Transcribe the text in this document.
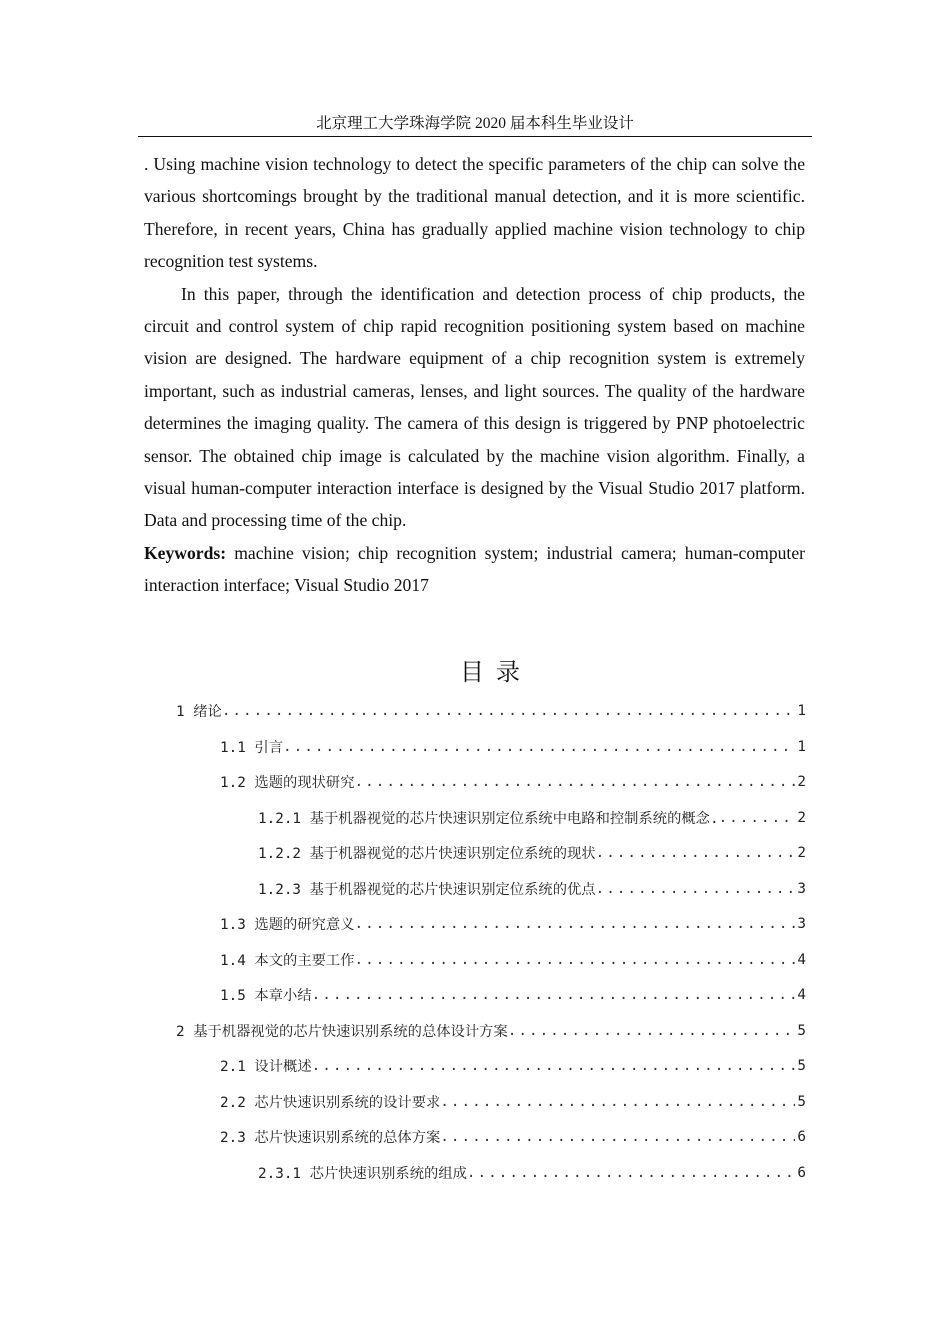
北京理工大学珠海学院 2020 届本科生毕业设计

. Using machine vision technology to detect the specific parameters of the chip can solve the various shortcomings brought by the traditional manual detection, and it is more scientific. Therefore, in recent years, China has gradually applied machine vision technology to chip recognition test systems.

In this paper, through the identification and detection process of chip products, the circuit and control system of chip rapid recognition positioning system based on machine vision are designed. The hardware equipment of a chip recognition system is extremely important, such as industrial cameras, lenses, and light sources. The quality of the hardware determines the imaging quality. The camera of this design is triggered by PNP photoelectric sensor. The obtained chip image is calculated by the machine vision algorithm. Finally, a visual human-computer interaction interface is designed by the Visual Studio 2017 platform. Data and processing time of the chip.

Keywords: machine vision; chip recognition system; industrial camera; human-computer interaction interface; Visual Studio 2017

目录
1 绪论 .....	1
1.1 引言 .....	1
1.2 选题的现状研究 .....	2
1.2.1 基于机器视觉的芯片快速识别定位系统中电路和控制系统的概念. .....	2
1.2.2 基于机器视觉的芯片快速识别定位系统的现状 .....	2
1.2.3 基于机器视觉的芯片快速识别定位系统的优点 .....	3
1.3 选题的研究意义 .....	3
1.4 本文的主要工作 .....	4
1.5 本章小结 .....	4
2 基于机器视觉的芯片快速识别系统的总体设计方案 .....	5
2.1 设计概述 .....	5
2.2 芯片快速识别系统的设计要求 .....	5
2.3 芯片快速识别系统的总体方案 .....	6
2.3.1 芯片快速识别系统的组成 .....	6
